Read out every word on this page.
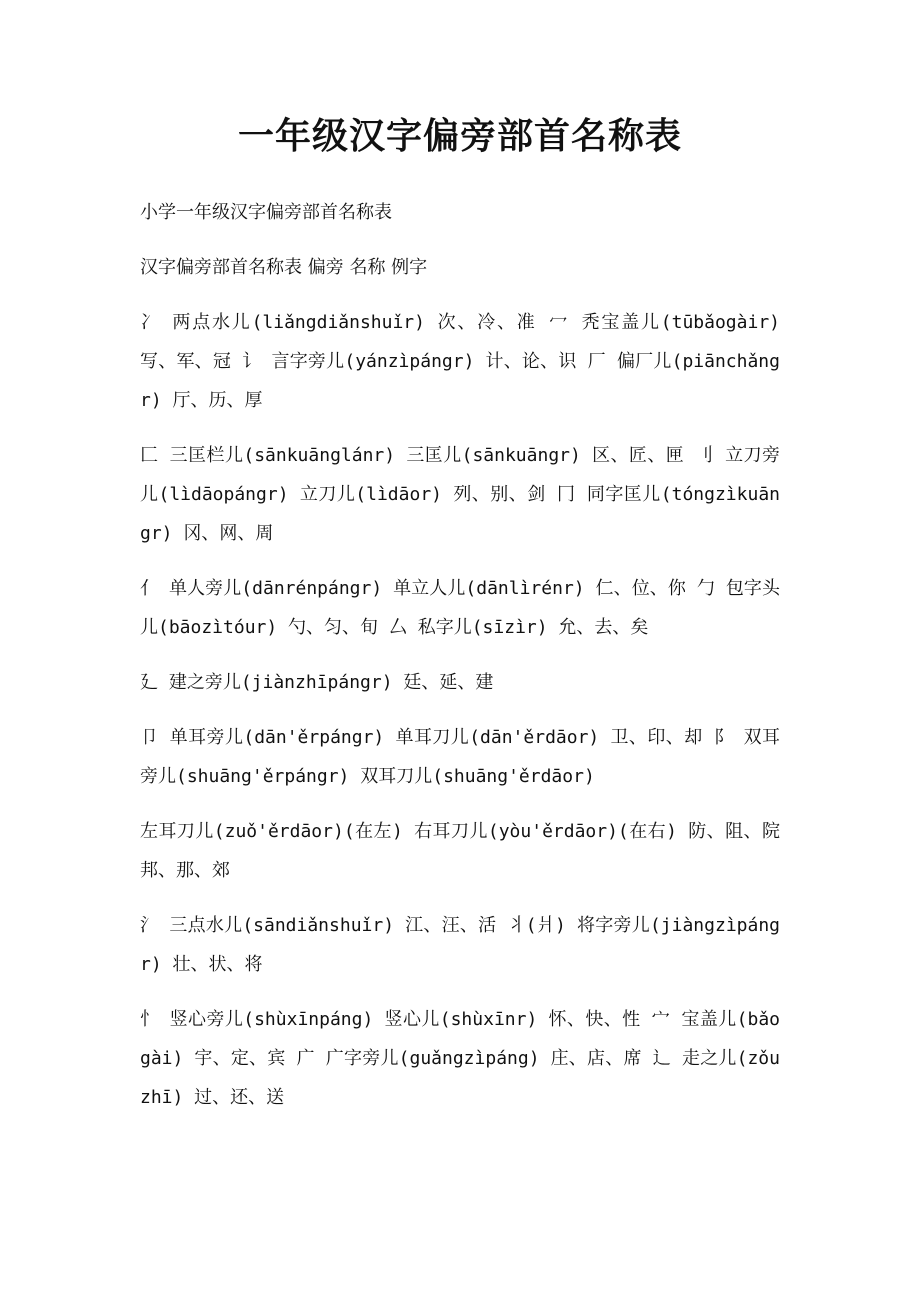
一年级汉字偏旁部首名称表

小学一年级汉字偏旁部首名称表

汉字偏旁部首名称表 偏旁 名称 例字

冫 两点水儿(liǎngdiǎnshuǐr) 次、冷、准 冖 秃宝盖儿(tūbǎogàir) 写、军、冠 讠 言字旁儿(yánzìpángr) 计、论、识 厂 偏厂儿(piānchǎngr) 厅、历、厚

匚 三匡栏儿(sānkuānglánr) 三匡儿(sānkuāngr) 区、匠、匣 刂 立刀旁儿(lìdāopángr) 立刀儿(lìdāor) 列、别、剑 冂 同字匡儿(tóngzìkuāngr) 冈、网、周

亻 单人旁儿(dānrénpángr) 单立人儿(dānlìrénr) 仁、位、你 勹 包字头儿(bāozìtóur) 勺、匀、旬 厶 私字儿(sīzìr) 允、去、矣

廴 建之旁儿(jiànzhīpángr) 廷、延、建

卩 单耳旁儿(dān'ěrpángr) 单耳刀儿(dān'ěrdāor) 卫、印、却 阝 双耳旁儿(shuāng'ěrpángr) 双耳刀儿(shuāng'ěrdāor)

左耳刀儿(zuǒ'ěrdāor)(在左) 右耳刀儿(yòu'ěrdāor)(在右) 防、阻、院邦、那、郊

氵 三点水儿(sāndiǎnshuǐr) 江、汪、活 丬(爿) 将字旁儿(jiàngzìpángr) 壮、状、将

忄 竖心旁儿(shùxīnpáng) 竖心儿(shùxīnr) 怀、快、性 宀 宝盖儿(bǎogài) 宇、定、宾 广 广字旁儿(guǎngzìpáng) 庄、店、席 辶 走之儿(zǒuzhī) 过、还、送
